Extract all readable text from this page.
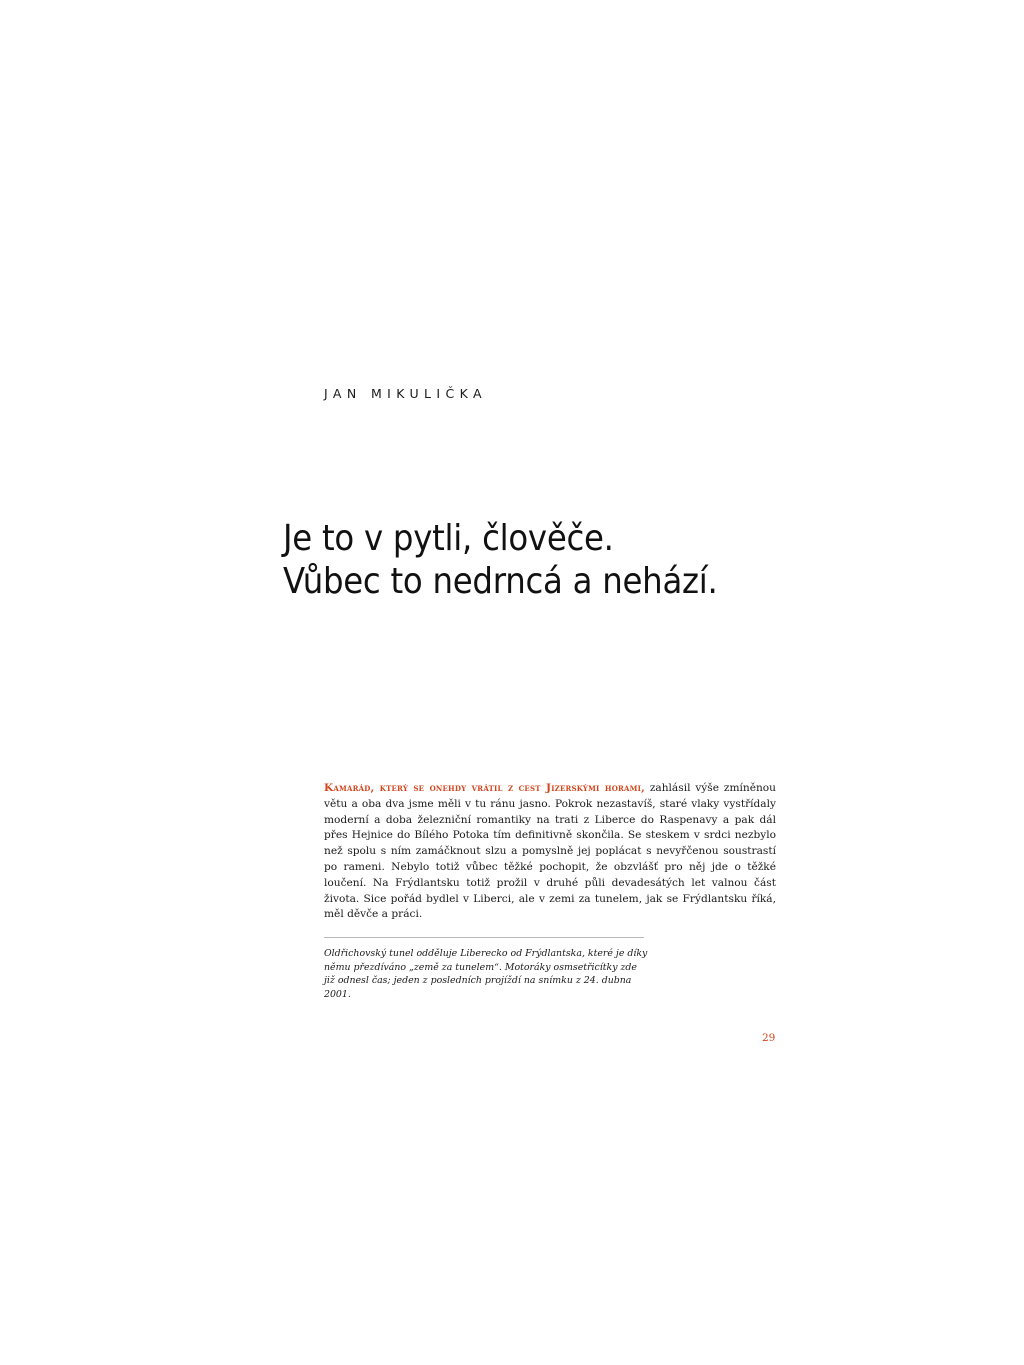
JAN MIKULIČKA
Je to v pytli, člověče.
Vůbec to nedrncá a nehází.

Kamarád, který se onehdy vrátil z cest Jizerskými horami, zahlásil výše zmíněnou větu a oba dva jsme měli v tu ránu jasno. Pokrok nezastavíš, staré vlaky vystřídaly moderní a doba železniční romantiky na trati z Liberce do Raspenavy a pak dál přes Hejnice do Bílého Potoka tím definitivně skončila. Se steskem v srdci nezbylo než spolu s ním zamáčknout slzu a pomyslně jej poplácat s nevyřčenou soustrastí po rameni. Nebylo totiž vůbec těžké pochopit, že obzvlášť pro něj jde o těžké loučení. Na Frýdlantsku totiž prožil v druhé půli devadesátých let valnou část života. Sice pořád bydlel v Liberci, ale v zemi za tunelem, jak se Frýdlantsku říká, měl děvče a práci.

Oldřichovský tunel odděluje Liberecko od Frýdlantska, které je díky němu přezdíváno „země za tunelem“. Motoráky osmsetřicítky zde již odnesl čas; jeden z posledních projíždí na snímku z 24. dubna 2001.

29
